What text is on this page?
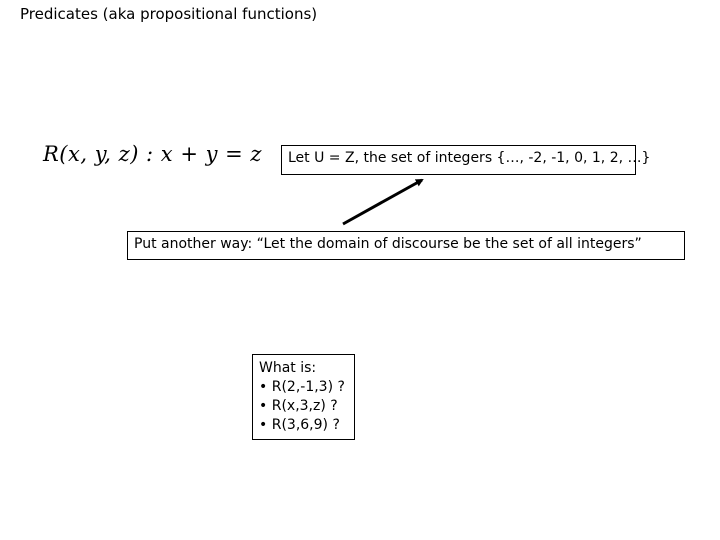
Predicates (aka propositional functions)
R(x, y, z) : x + y = z	Let U = Z, the set of integers {…, -2, -1, 0, 1, 2, …}
Put another way: “Let the domain of discourse be the set of all integers”
What is:
• R(2,-1,3) ?
• R(x,3,z) ?
• R(3,6,9) ?
